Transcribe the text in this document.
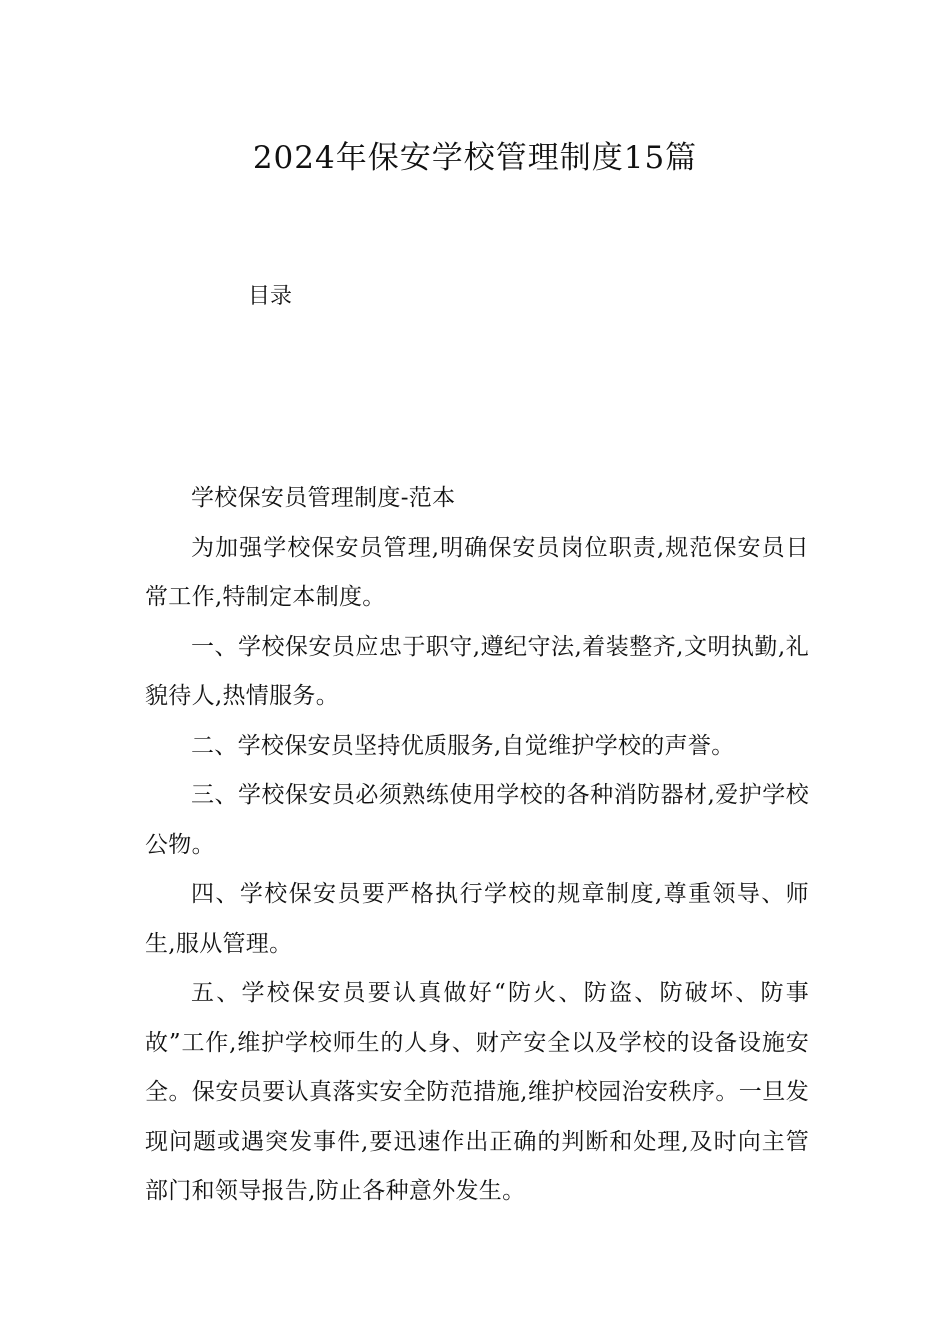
2024年保安学校管理制度15篇

目录

学校保安员管理制度-范本

为加强学校保安员管理,明确保安员岗位职责,规范保安员日常工作,特制定本制度。

一、学校保安员应忠于职守,遵纪守法,着装整齐,文明执勤,礼貌待人,热情服务。

二、学校保安员坚持优质服务,自觉维护学校的声誉。

三、学校保安员必须熟练使用学校的各种消防器材,爱护学校公物。

四、学校保安员要严格执行学校的规章制度,尊重领导、师生,服从管理。

五、学校保安员要认真做好“防火、防盗、防破坏、防事故”工作,维护学校师生的人身、财产安全以及学校的设备设施安全。保安员要认真落实安全防范措施,维护校园治安秩序。一旦发现问题或遇突发事件,要迅速作出正确的判断和处理,及时向主管部门和领导报告,防止各种意外发生。
